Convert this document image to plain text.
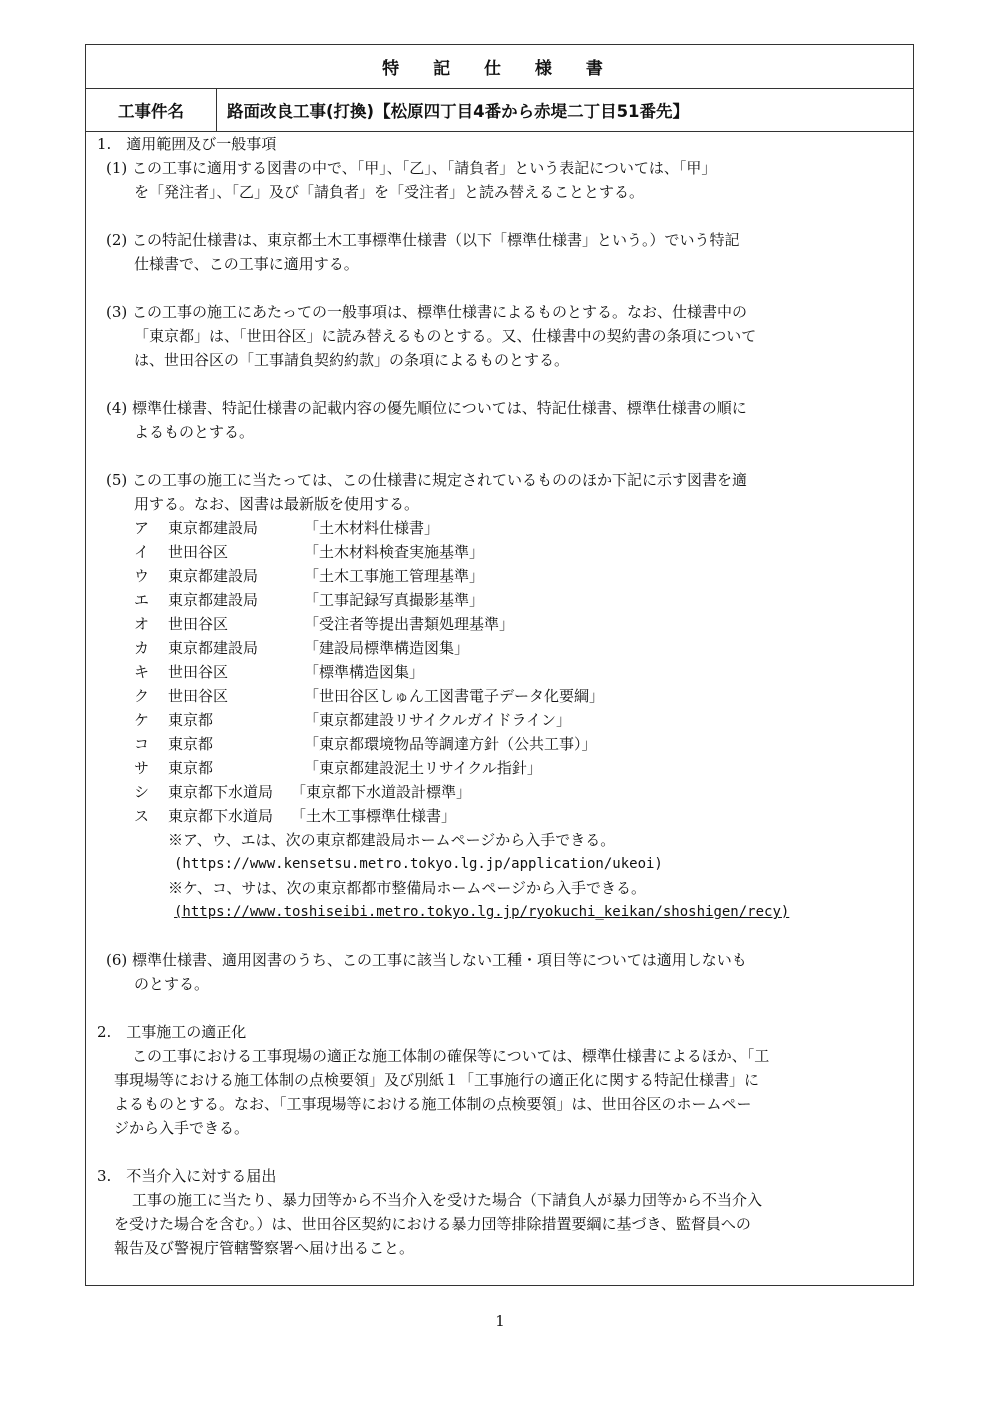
特 記 仕 様 書
工事件名	路面改良工事(打換)【松原四丁目4番から赤堤二丁目51番先】
1.　適用範囲及び一般事項
(1) この工事に適用する図書の中で、「甲」、「乙」、「請負者」という表記については、「甲」
を「発注者」、「乙」及び「請負者」を「受注者」と読み替えることとする。
(2) この特記仕様書は、東京都土木工事標準仕様書（以下「標準仕様書」という。）でいう特記
仕様書で、この工事に適用する。
(3) この工事の施工にあたっての一般事項は、標準仕様書によるものとする。なお、仕様書中の
「東京都」は、「世田谷区」に読み替えるものとする。又、仕様書中の契約書の条項について
は、世田谷区の「工事請負契約約款」の条項によるものとする。
(4) 標準仕様書、特記仕様書の記載内容の優先順位については、特記仕様書、標準仕様書の順に
よるものとする。
(5) この工事の施工に当たっては、この仕様書に規定されているもののほか下記に示す図書を適
用する。なお、図書は最新版を使用する。
ア 東京都建設局	「土木材料仕様書」
イ 世田谷区	「土木材料検査実施基準」
ウ 東京都建設局	「土木工事施工管理基準」
エ 東京都建設局	「工事記録写真撮影基準」
オ 世田谷区	「受注者等提出書類処理基準」
カ 東京都建設局	「建設局標準構造図集」
キ 世田谷区	「標準構造図集」
ク 世田谷区	「世田谷区しゅん工図書電子データ化要綱」
ケ 東京都	「東京都建設リサイクルガイドライン」
コ 東京都	「東京都環境物品等調達方針（公共工事）」
サ 東京都	「東京都建設泥土リサイクル指針」
シ 東京都下水道局 「東京都下水道設計標準」
ス 東京都下水道局 「土木工事標準仕様書」
※ア、ウ、エは、次の東京都建設局ホームページから入手できる。
(https://www.kensetsu.metro.tokyo.lg.jp/application/ukeoi)
※ケ、コ、サは、次の東京都都市整備局ホームページから入手できる。
(https://www.toshiseibi.metro.tokyo.lg.jp/ryokuchi_keikan/shoshigen/recy)
(6) 標準仕様書、適用図書のうち、この工事に該当しない工種・項目等については適用しないも
のとする。
2.　工事施工の適正化
この工事における工事現場の適正な施工体制の確保等については、標準仕様書によるほか、「工
事現場等における施工体制の点検要領」及び別紙１「工事施行の適正化に関する特記仕様書」に
よるものとする。なお、「工事現場等における施工体制の点検要領」は、世田谷区のホームペー
ジから入手できる。
3.　不当介入に対する届出
工事の施工に当たり、暴力団等から不当介入を受けた場合（下請負人が暴力団等から不当介入
を受けた場合を含む。）は、世田谷区契約における暴力団等排除措置要綱に基づき、監督員への
報告及び警視庁管轄警察署へ届け出ること。
1
